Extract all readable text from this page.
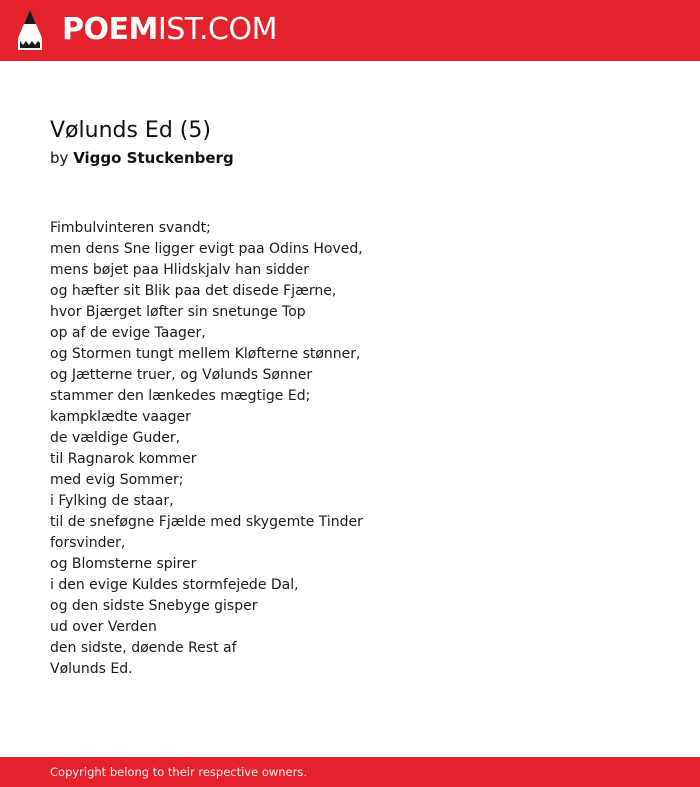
POEMIST.COM
Vølunds Ed (5)
by Viggo Stuckenberg
Fimbulvinteren svandt;
men dens Sne ligger evigt paa Odins Hoved,
mens bøjet paa Hlidskjalv han sidder
og hæfter sit Blik paa det disede Fjærne,
hvor Bjærget løfter sin snetunge Top
op af de evige Taager,
og Stormen tungt mellem Kløfterne stønner,
og Jætterne truer, og Vølunds Sønner
stammer den lænkedes mægtige Ed;
kampklædte vaager
de vældige Guder,
til Ragnarok kommer
med evig Sommer;
i Fylking de staar,
til de sneføgne Fjælde med skygemte Tinder
forsvinder,
og Blomsterne spirer
i den evige Kuldes stormfejede Dal,
og den sidste Snebyge gisper
ud over Verden
den sidste, døende Rest af
Vølunds Ed.
Copyright belong to their respective owners.
